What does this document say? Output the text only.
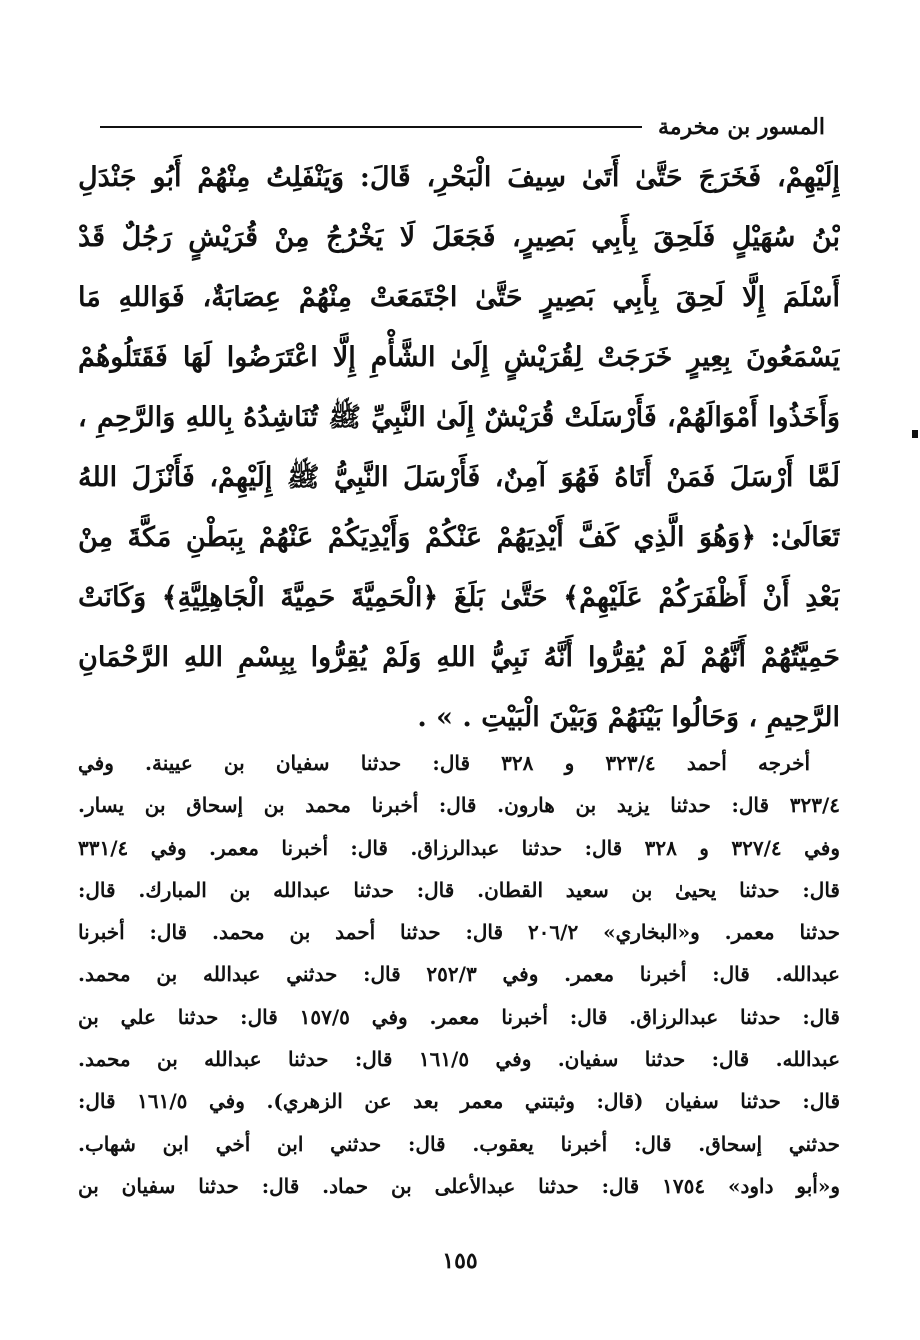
المسور بن مخرمة
إِلَيْهِمْ، فَخَرَجَ حَتَّىٰ أَتَىٰ سِيفَ الْبَحْرِ، قَالَ: وَيَنْفَلِتُ مِنْهُمْ أَبُو جَنْدَلِ
بْنُ سُهَيْلٍ فَلَحِقَ بِأَبِي بَصِيرٍ، فَجَعَلَ لَا يَخْرُجُ مِنْ قُرَيْشٍ رَجُلٌ قَدْ
أَسْلَمَ إِلَّا لَحِقَ بِأَبِي بَصِيرٍ حَتَّىٰ اجْتَمَعَتْ مِنْهُمْ عِصَابَةٌ، فَوَاللهِ مَا
يَسْمَعُونَ بِعِيرٍ خَرَجَتْ لِقُرَيْشٍ إِلَىٰ الشَّأْمِ إِلَّا اعْتَرَضُوا لَهَا فَقَتَلُوهُمْ
وَأَخَذُوا أَمْوَالَهُمْ، فَأَرْسَلَتْ قُرَيْشٌ إِلَىٰ النَّبِيِّ ﷺ تُنَاشِدُهُ بِاللهِ وَالرَّحِمِ ،
لَمَّا أَرْسَلَ فَمَنْ أَتَاهُ فَهُوَ آمِنٌ، فَأَرْسَلَ النَّبِيُّ ﷺ إِلَيْهِمْ، فَأَنْزَلَ اللهُ
تَعَالَىٰ: ﴿وَهُوَ الَّذِي كَفَّ أَيْدِيَهُمْ عَنْكُمْ وَأَيْدِيَكُمْ عَنْهُمْ بِبَطْنِ مَكَّةَ مِنْ
بَعْدِ أَنْ أَظْفَرَكُمْ عَلَيْهِمْ﴾ حَتَّىٰ بَلَغَ ﴿الْحَمِيَّةَ حَمِيَّةَ الْجَاهِلِيَّةِ﴾ وَكَانَتْ
حَمِيَّتُهُمْ أَنَّهُمْ لَمْ يُقِرُّوا أَنَّهُ نَبِيُّ اللهِ وَلَمْ يُقِرُّوا بِبِسْمِ اللهِ الرَّحْمَانِ
الرَّحِيمِ ، وَحَالُوا بَيْنَهُمْ وَبَيْنَ الْبَيْتِ . » .
أخرجه أحمد ٣٢٣/٤ و ٣٢٨ قال: حدثنا سفيان بن عيينة. وفي
٣٢٣/٤ قال: حدثنا يزيد بن هارون. قال: أخبرنا محمد بن إسحاق بن يسار.
وفي ٣٢٧/٤ و ٣٢٨ قال: حدثنا عبدالرزاق. قال: أخبرنا معمر. وفي ٣٣١/٤
قال: حدثنا يحيىٰ بن سعيد القطان. قال: حدثنا عبدالله بن المبارك. قال:
حدثنا معمر. و«البخاري» ٢٠٦/٢ قال: حدثنا أحمد بن محمد. قال: أخبرنا
عبدالله. قال: أخبرنا معمر. وفي ٢٥٢/٣ قال: حدثني عبدالله بن محمد.
قال: حدثنا عبدالرزاق. قال: أخبرنا معمر. وفي ١٥٧/٥ قال: حدثنا علي بن
عبدالله. قال: حدثنا سفيان. وفي ١٦١/٥ قال: حدثنا عبدالله بن محمد.
قال: حدثنا سفيان (قال: وثبتني معمر بعد عن الزهري). وفي ١٦١/٥ قال:
حدثني إسحاق. قال: أخبرنا يعقوب. قال: حدثني ابن أخي ابن شهاب.
و«أبو داود» ١٧٥٤ قال: حدثنا عبدالأعلى بن حماد. قال: حدثنا سفيان بن
١٥٥
